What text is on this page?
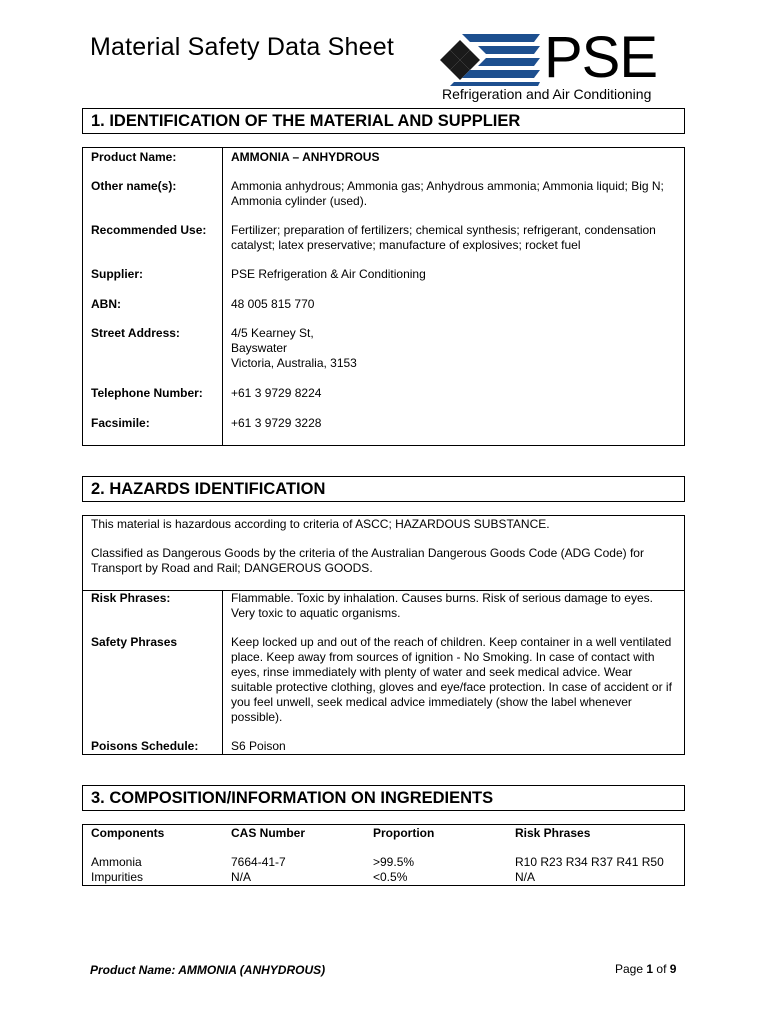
Material Safety Data Sheet	PSE
Refrigeration and Air Conditioning
1. IDENTIFICATION OF THE MATERIAL AND SUPPLIER
Product Name:	AMMONIA – ANHYDROUS
Other name(s):	Ammonia anhydrous; Ammonia gas; Anhydrous ammonia; Ammonia liquid; Big N; Ammonia cylinder (used).
Recommended Use: Fertilizer; preparation of fertilizers; chemical synthesis; refrigerant, condensation catalyst; latex preservative; manufacture of explosives; rocket fuel
Supplier:	PSE Refrigeration & Air Conditioning
ABN:	48 005 815 770
Street Address:	4/5 Kearney St,
Bayswater
Victoria, Australia, 3153
Telephone Number: +61 3 9729 8224
Facsimile:	+61 3 9729 3228
2. HAZARDS IDENTIFICATION
This material is hazardous according to criteria of ASCC; HAZARDOUS SUBSTANCE.
Classified as Dangerous Goods by the criteria of the Australian Dangerous Goods Code (ADG Code) for Transport by Road and Rail; DANGEROUS GOODS.
Risk Phrases:	Flammable. Toxic by inhalation. Causes burns. Risk of serious damage to eyes. Very toxic to aquatic organisms.
Safety Phrases	Keep locked up and out of the reach of children. Keep container in a well ventilated place. Keep away from sources of ignition - No Smoking. In case of contact with eyes, rinse immediately with plenty of water and seek medical advice. Wear suitable protective clothing, gloves and eye/face protection. In case of accident or if you feel unwell, seek medical advice immediately (show the label whenever possible).
Poisons Schedule:	S6 Poison
3. COMPOSITION/INFORMATION ON INGREDIENTS
Components	CAS Number	Proportion	Risk Phrases
Ammonia	7664-41-7	>99.5%	R10 R23 R34 R37 R41 R50
Impurities	N/A	<0.5%	N/A
Product Name: AMMONIA (ANHYDROUS)	Page 1 of 9
